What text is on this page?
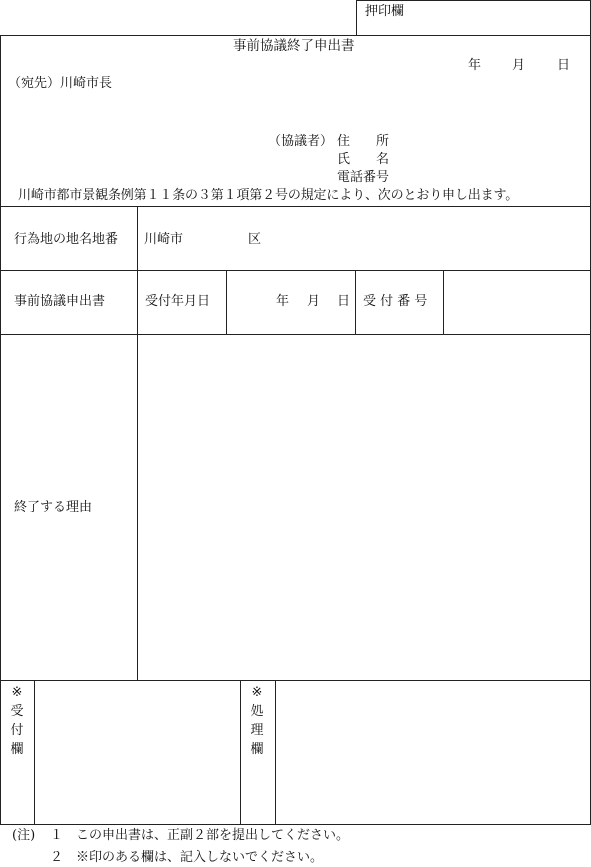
押印欄
事前協議終了申出書
年 月 日
（宛先）川崎市長
（協議者） 住　　所
氏　　名
電話番号
川崎市都市景観条例第１１条の３第１項第２号の規定により、次のとおり申し出ます。
行為地の地名地番 川崎市	区
事前協議申出書	受付年月日	年 月 日 受 付 番 号
終了する理由
※
受
付
欄
※
処
理
欄
(注) １ この申出書は、正副２部を提出してください。
２ ※印のある欄は、記入しないでください。
